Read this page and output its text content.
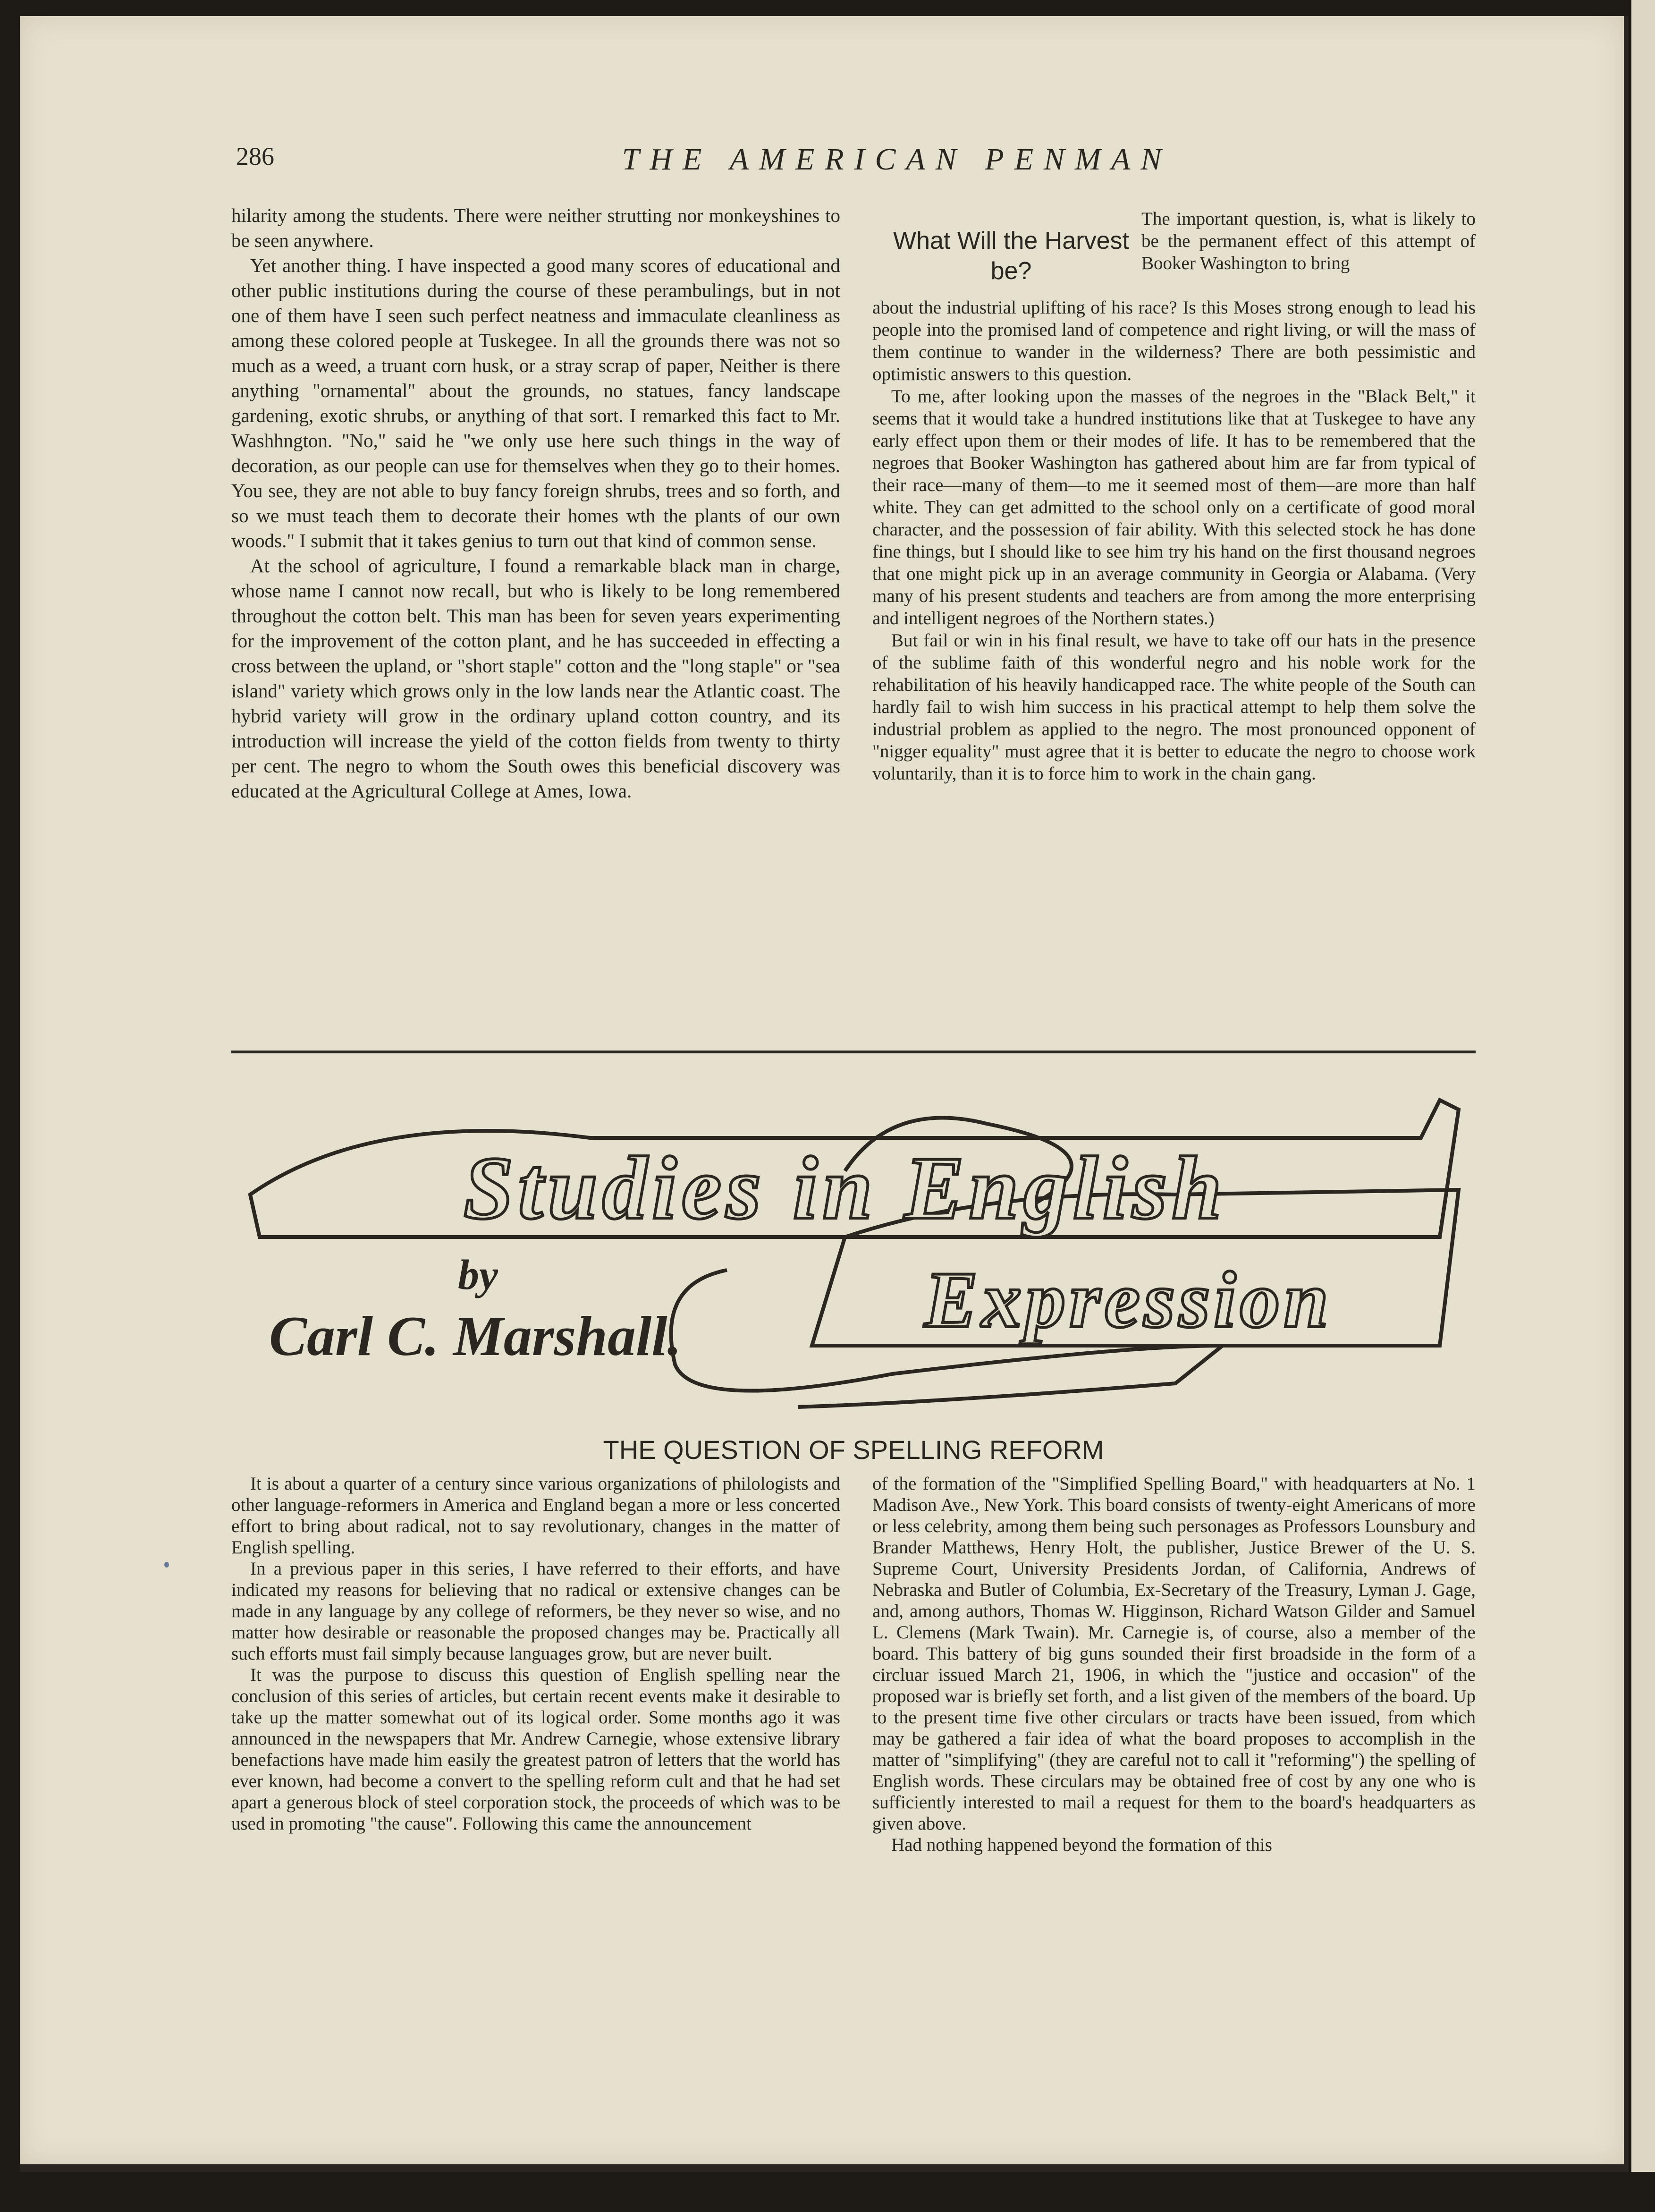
286	THE AMERICAN PENMAN

hilarity among the students. There were neither strutting nor monkeyshines to be seen anywhere.

Yet another thing. I have inspected a good many scores of educational and other public institutions during the course of these perambulings, but in not one of them have I seen such perfect neatness and immaculate cleanliness as among these colored people at Tuskegee. In all the grounds there was not so much as a weed, a truant corn husk, or a stray scrap of paper, Neither is there anything "ornamental" about the grounds, no statues, fancy landscape gardening, exotic shrubs, or anything of that sort. I remarked this fact to Mr. Washhngton. "No," said he "we only use here such things in the way of decoration, as our people can use for themselves when they go to their homes. You see, they are not able to buy fancy foreign shrubs, trees and so forth, and so we must teach them to decorate their homes wth the plants of our own woods." I submit that it takes genius to turn out that kind of common sense.

At the school of agriculture, I found a remarkable black man in charge, whose name I cannot now recall, but who is likely to be long remembered throughout the cotton belt. This man has been for seven years experimenting for the improvement of the cotton plant, and he has succeeded in effecting a cross between the upland, or "short staple" cotton and the "long staple" or "sea island" variety which grows only in the low lands near the Atlantic coast. The hybrid variety will grow in the ordinary upland cotton country, and its introduction will increase the yield of the cotton fields from twenty to thirty per cent. The negro to whom the South owes this beneficial discovery was educated at the Agricultural College at Ames, Iowa.

What Will the Harvest be?

The important question, is, what is likely to be the permanent effect of this attempt of Booker Washington to bring

about the industrial uplifting of his race? Is this Moses strong enough to lead his people into the promised land of competence and right living, or will the mass of them continue to wander in the wilderness? There are both pessimistic and optimistic answers to this question.

To me, after looking upon the masses of the negroes in the "Black Belt," it seems that it would take a hundred institutions like that at Tuskegee to have any early effect upon them or their modes of life. It has to be remembered that the negroes that Booker Washington has gathered about him are far from typical of their race—many of them—to me it seemed most of them—are more than half white. They can get admitted to the school only on a certificate of good moral character, and the possession of fair ability. With this selected stock he has done fine things, but I should like to see him try his hand on the first thousand negroes that one might pick up in an average community in Georgia or Alabama. (Very many of his present students and teachers are from among the more enterprising and intelligent negroes of the Northern states.)

But fail or win in his final result, we have to take off our hats in the presence of the sublime faith of this wonderful negro and his noble work for the rehabilitation of his heavily handicapped race. The white people of the South can hardly fail to wish him success in his practical attempt to help them solve the industrial problem as applied to the negro. The most pronounced opponent of "nigger equality" must agree that it is better to educate the negro to choose work voluntarily, than it is to force him to work in the chain gang.

Studies in English
Expression
by
Carl C. Marshall.
THE QUESTION OF SPELLING REFORM

It is about a quarter of a century since various organizations of philologists and other language-reformers in America and England began a more or less concerted effort to bring about radical, not to say revolutionary, changes in the matter of English spelling.

In a previous paper in this series, I have referred to their efforts, and have indicated my reasons for believing that no radical or extensive changes can be made in any language by any college of reformers, be they never so wise, and no matter how desirable or reasonable the proposed changes may be. Practically all such efforts must fail simply because languages grow, but are never built.

It was the purpose to discuss this question of English spelling near the conclusion of this series of articles, but certain recent events make it desirable to take up the matter somewhat out of its logical order. Some months ago it was announced in the newspapers that Mr. Andrew Carnegie, whose extensive library benefactions have made him easily the greatest patron of letters that the world has ever known, had become a convert to the spelling reform cult and that he had set apart a generous block of steel corporation stock, the proceeds of which was to be used in promoting "the cause". Following this came the announcement

of the formation of the "Simplified Spelling Board," with headquarters at No. 1 Madison Ave., New York. This board consists of twenty-eight Americans of more or less celebrity, among them being such personages as Professors Lounsbury and Brander Matthews, Henry Holt, the publisher, Justice Brewer of the U. S. Supreme Court, University Presidents Jordan, of California, Andrews of Nebraska and Butler of Columbia, Ex-Secretary of the Treasury, Lyman J. Gage, and, among authors, Thomas W. Higginson, Richard Watson Gilder and Samuel L. Clemens (Mark Twain). Mr. Carnegie is, of course, also a member of the board. This battery of big guns sounded their first broadside in the form of a circluar issued March 21, 1906, in which the "justice and occasion" of the proposed war is briefly set forth, and a list given of the members of the board. Up to the present time five other circulars or tracts have been issued, from which may be gathered a fair idea of what the board proposes to accomplish in the matter of "simplifying" (they are careful not to call it "reforming") the spelling of English words. These circulars may be obtained free of cost by any one who is sufficiently interested to mail a request for them to the board's headquarters as given above.

Had nothing happened beyond the formation of this
